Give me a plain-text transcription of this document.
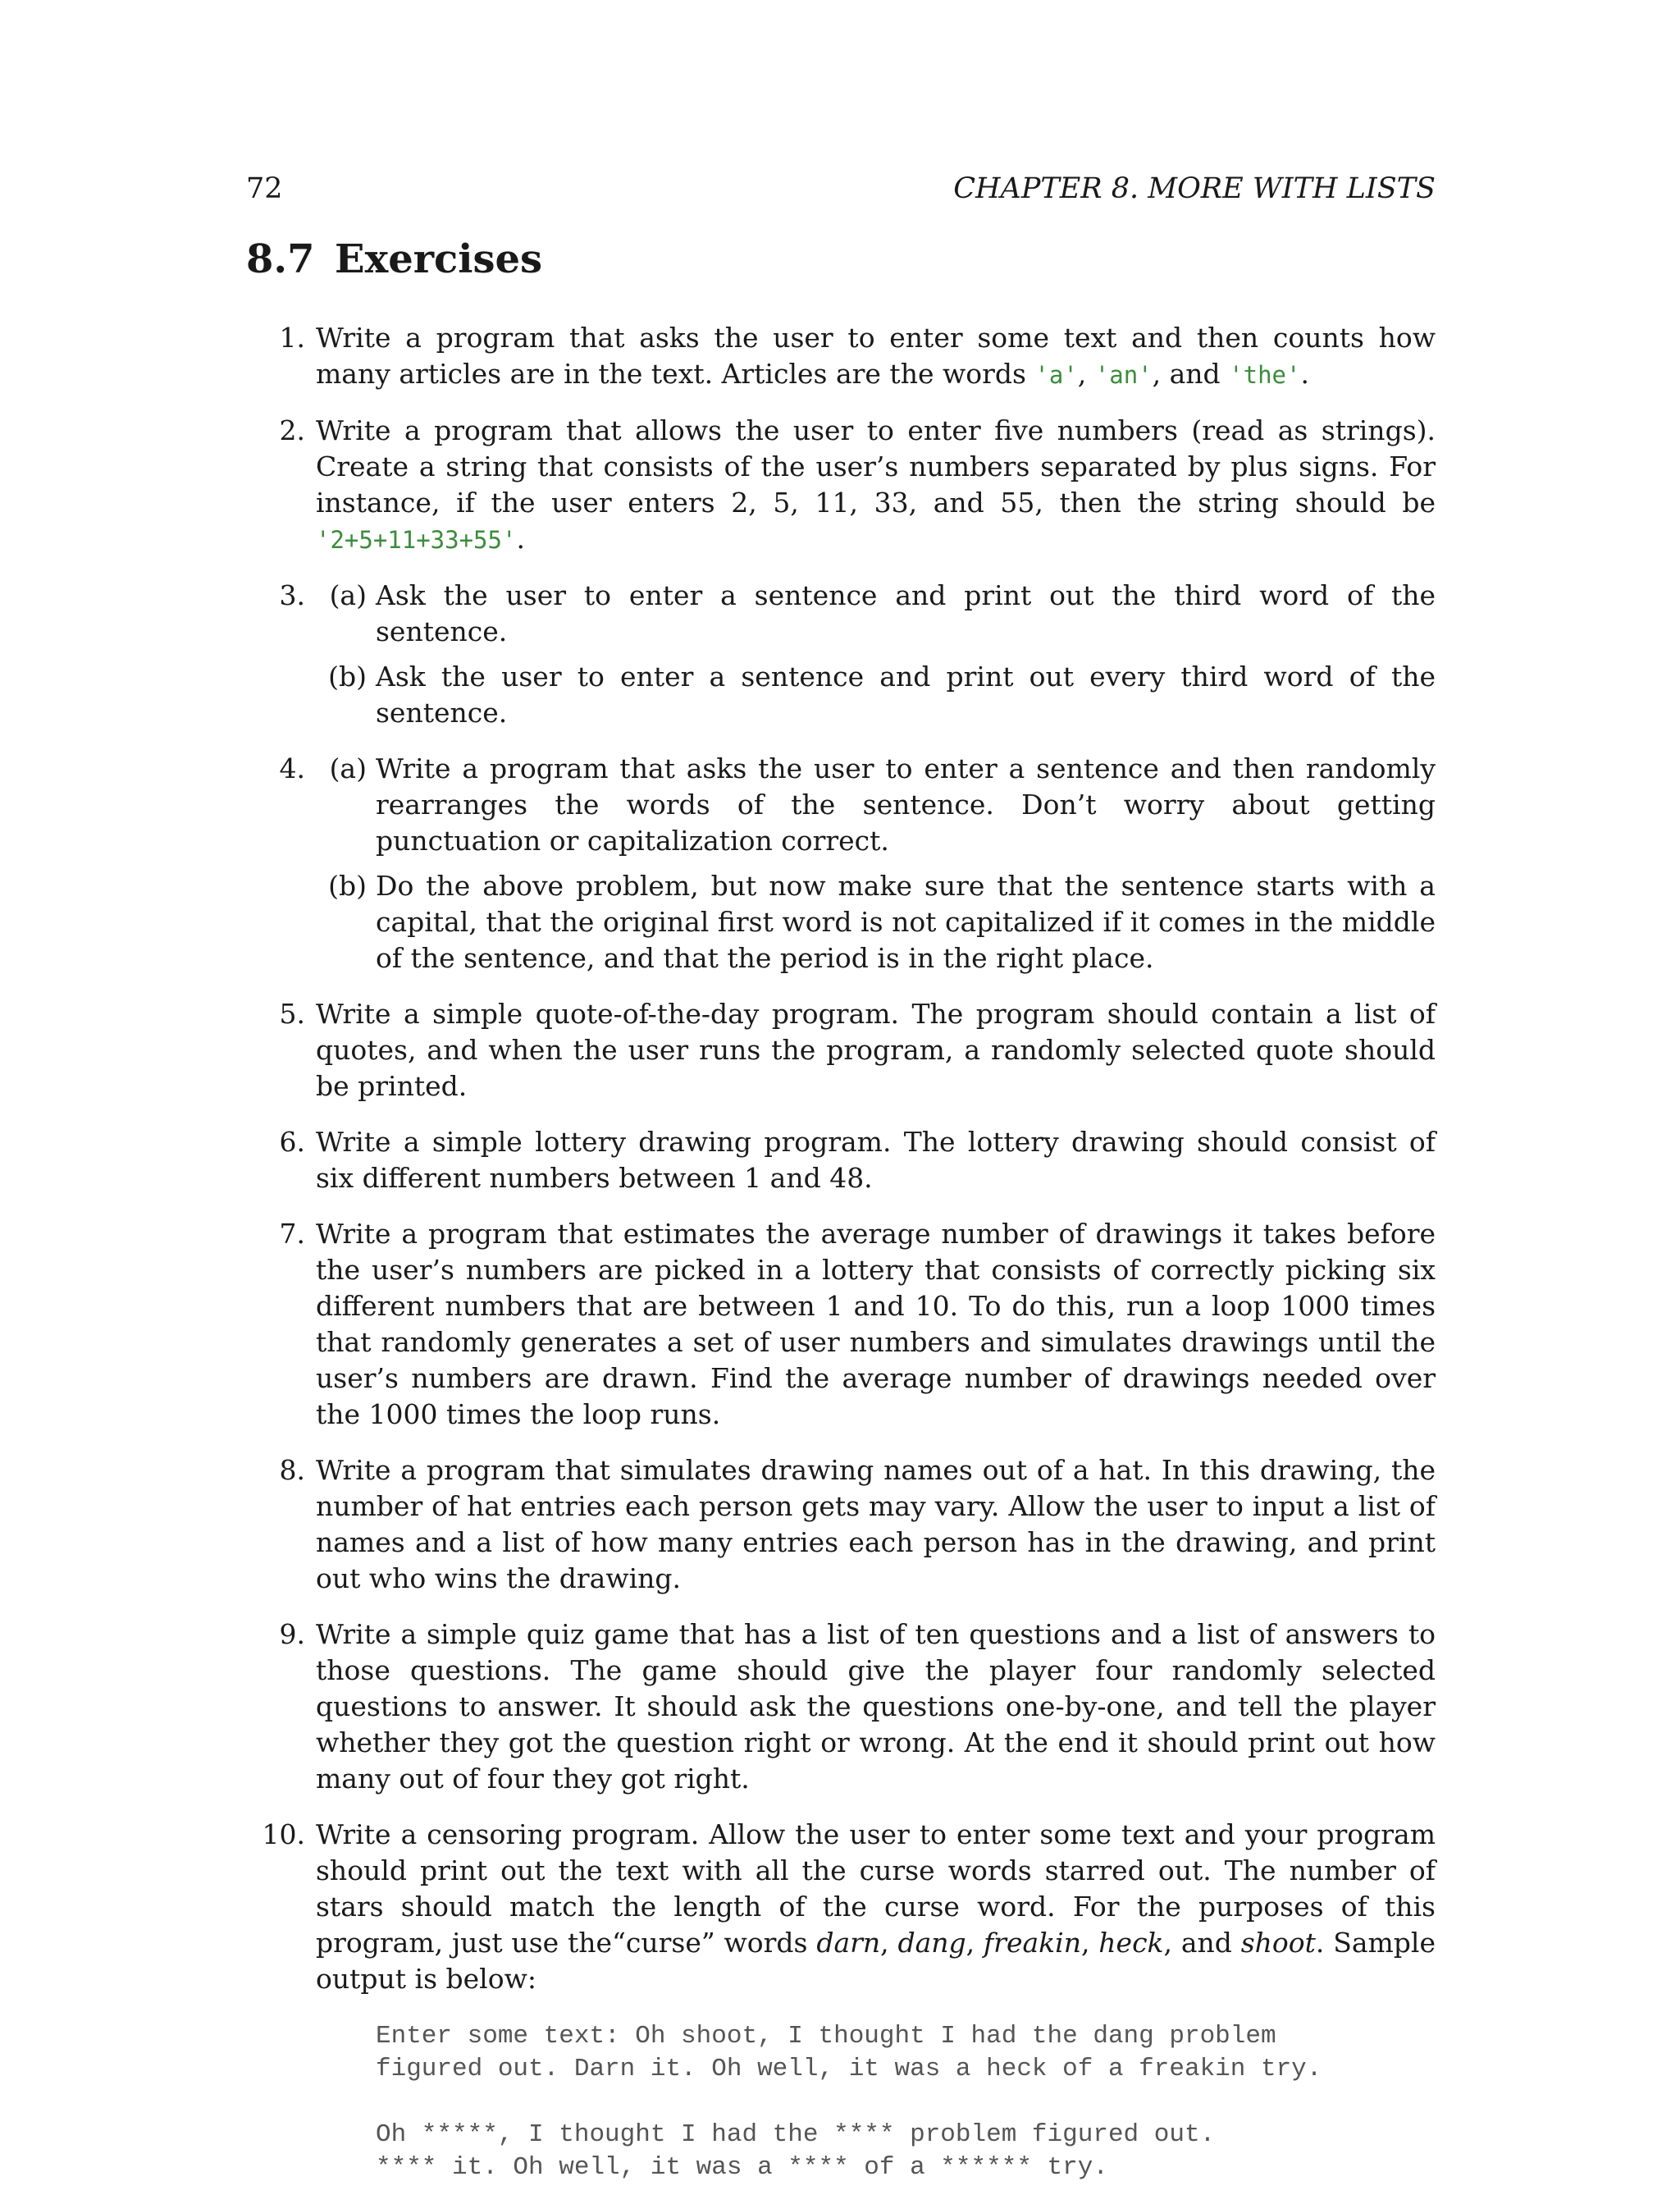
72	CHAPTER 8. MORE WITH LISTS
8.7 Exercises
1. Write a program that asks the user to enter some text and then counts how many articles are in the text. Articles are the words 'a', 'an', and 'the'.
2. Write a program that allows the user to enter five numbers (read as strings). Create a string that consists of the user’s numbers separated by plus signs. For instance, if the user enters 2, 5, 11, 33, and 55, then the string should be '2+5+11+33+55'.
3. (a) Ask the user to enter a sentence and print out the third word of the sentence.
(b) Ask the user to enter a sentence and print out every third word of the sentence.
4. (a) Write a program that asks the user to enter a sentence and then randomly rearranges the words of the sentence. Don’t worry about getting punctuation or capitalization correct.
(b) Do the above problem, but now make sure that the sentence starts with a capital, that the original first word is not capitalized if it comes in the middle of the sentence, and that the period is in the right place.
5. Write a simple quote-of-the-day program. The program should contain a list of quotes, and when the user runs the program, a randomly selected quote should be printed.
6. Write a simple lottery drawing program. The lottery drawing should consist of six different numbers between 1 and 48.
7. Write a program that estimates the average number of drawings it takes before the user’s numbers are picked in a lottery that consists of correctly picking six different numbers that are between 1 and 10. To do this, run a loop 1000 times that randomly generates a set of user numbers and simulates drawings until the user’s numbers are drawn. Find the average number of drawings needed over the 1000 times the loop runs.
8. Write a program that simulates drawing names out of a hat. In this drawing, the number of hat entries each person gets may vary. Allow the user to input a list of names and a list of how many entries each person has in the drawing, and print out who wins the drawing.
9. Write a simple quiz game that has a list of ten questions and a list of answers to those questions. The game should give the player four randomly selected questions to answer. It should ask the questions one-by-one, and tell the player whether they got the question right or wrong. At the end it should print out how many out of four they got right.
10. Write a censoring program. Allow the user to enter some text and your program should print out the text with all the curse words starred out. The number of stars should match the length of the curse word. For the purposes of this program, just use the“curse” words darn, dang, freakin, heck, and shoot. Sample output is below:
Enter some text: Oh shoot, I thought I had the dang problem
figured out. Darn it. Oh well, it was a heck of a freakin try.
Oh *****, I thought I had the **** problem figured out.
**** it. Oh well, it was a **** of a ****** try.
